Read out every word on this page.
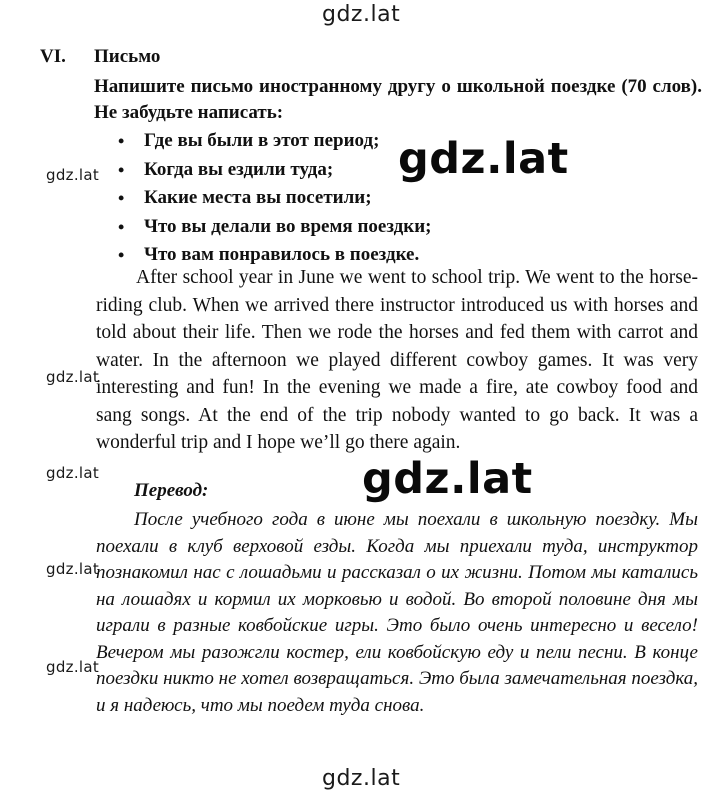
gdz.lat
gdz.lat
gdz.lat
gdz.lat
gdz.lat
gdz.lat
gdz.lat
gdz.lat
gdz.lat
VI. Письмо
Напишите письмо иностранному другу о школьной поездке (70 слов). Не забудьте написать:
• Где вы были в этот период;
• Когда вы ездили туда;
• Какие места вы посетили;
• Что вы делали во время поездки;
• Что вам понравилось в поездке.

After school year in June we went to school trip. We went to the horse-riding club. When we arrived there instructor introduced us with horses and told about their life. Then we rode the horses and fed them with carrot and water. In the afternoon we played different cowboy games. It was very interesting and fun! In the evening we made a fire, ate cowboy food and sang songs. At the end of the trip nobody wanted to go back. It was a wonderful trip and I hope we’ll go there again.

Перевод:

После учебного года в июне мы поехали в школьную поездку. Мы поехали в клуб верховой езды. Когда мы приехали туда, инструктор познакомил нас с лошадьми и рассказал о их жизни. Потом мы катались на лошадях и кормил их морковью и водой. Во второй половине дня мы играли в разные ковбойские игры. Это было очень интересно и весело! Вечером мы разожгли костер, ели ковбойскую еду и пели песни. В конце поездки никто не хотел возвращаться. Это была замечательная поездка, и я надеюсь, что мы поедем туда снова.
